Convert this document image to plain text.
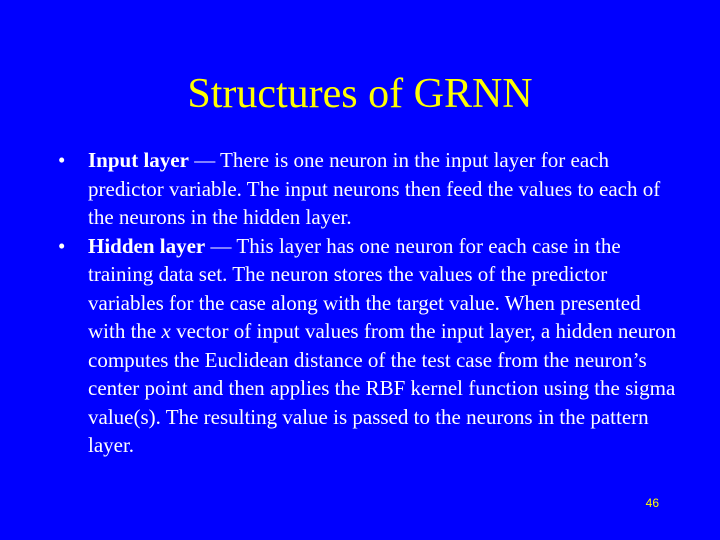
Structures of GRNN
•	Input layer — There is one neuron in the input layer for each predictor variable. The input neurons then feed the values to each of the neurons in the hidden layer.
•	Hidden layer — This layer has one neuron for each case in the training data set. The neuron stores the values of the predictor variables for the case along with the target value. When presented with the x vector of input values from the input layer, a hidden neuron computes the Euclidean distance of the test case from the neuron’s center point and then applies the RBF kernel function using the sigma value(s). The resulting value is passed to the neurons in the pattern layer.
46
